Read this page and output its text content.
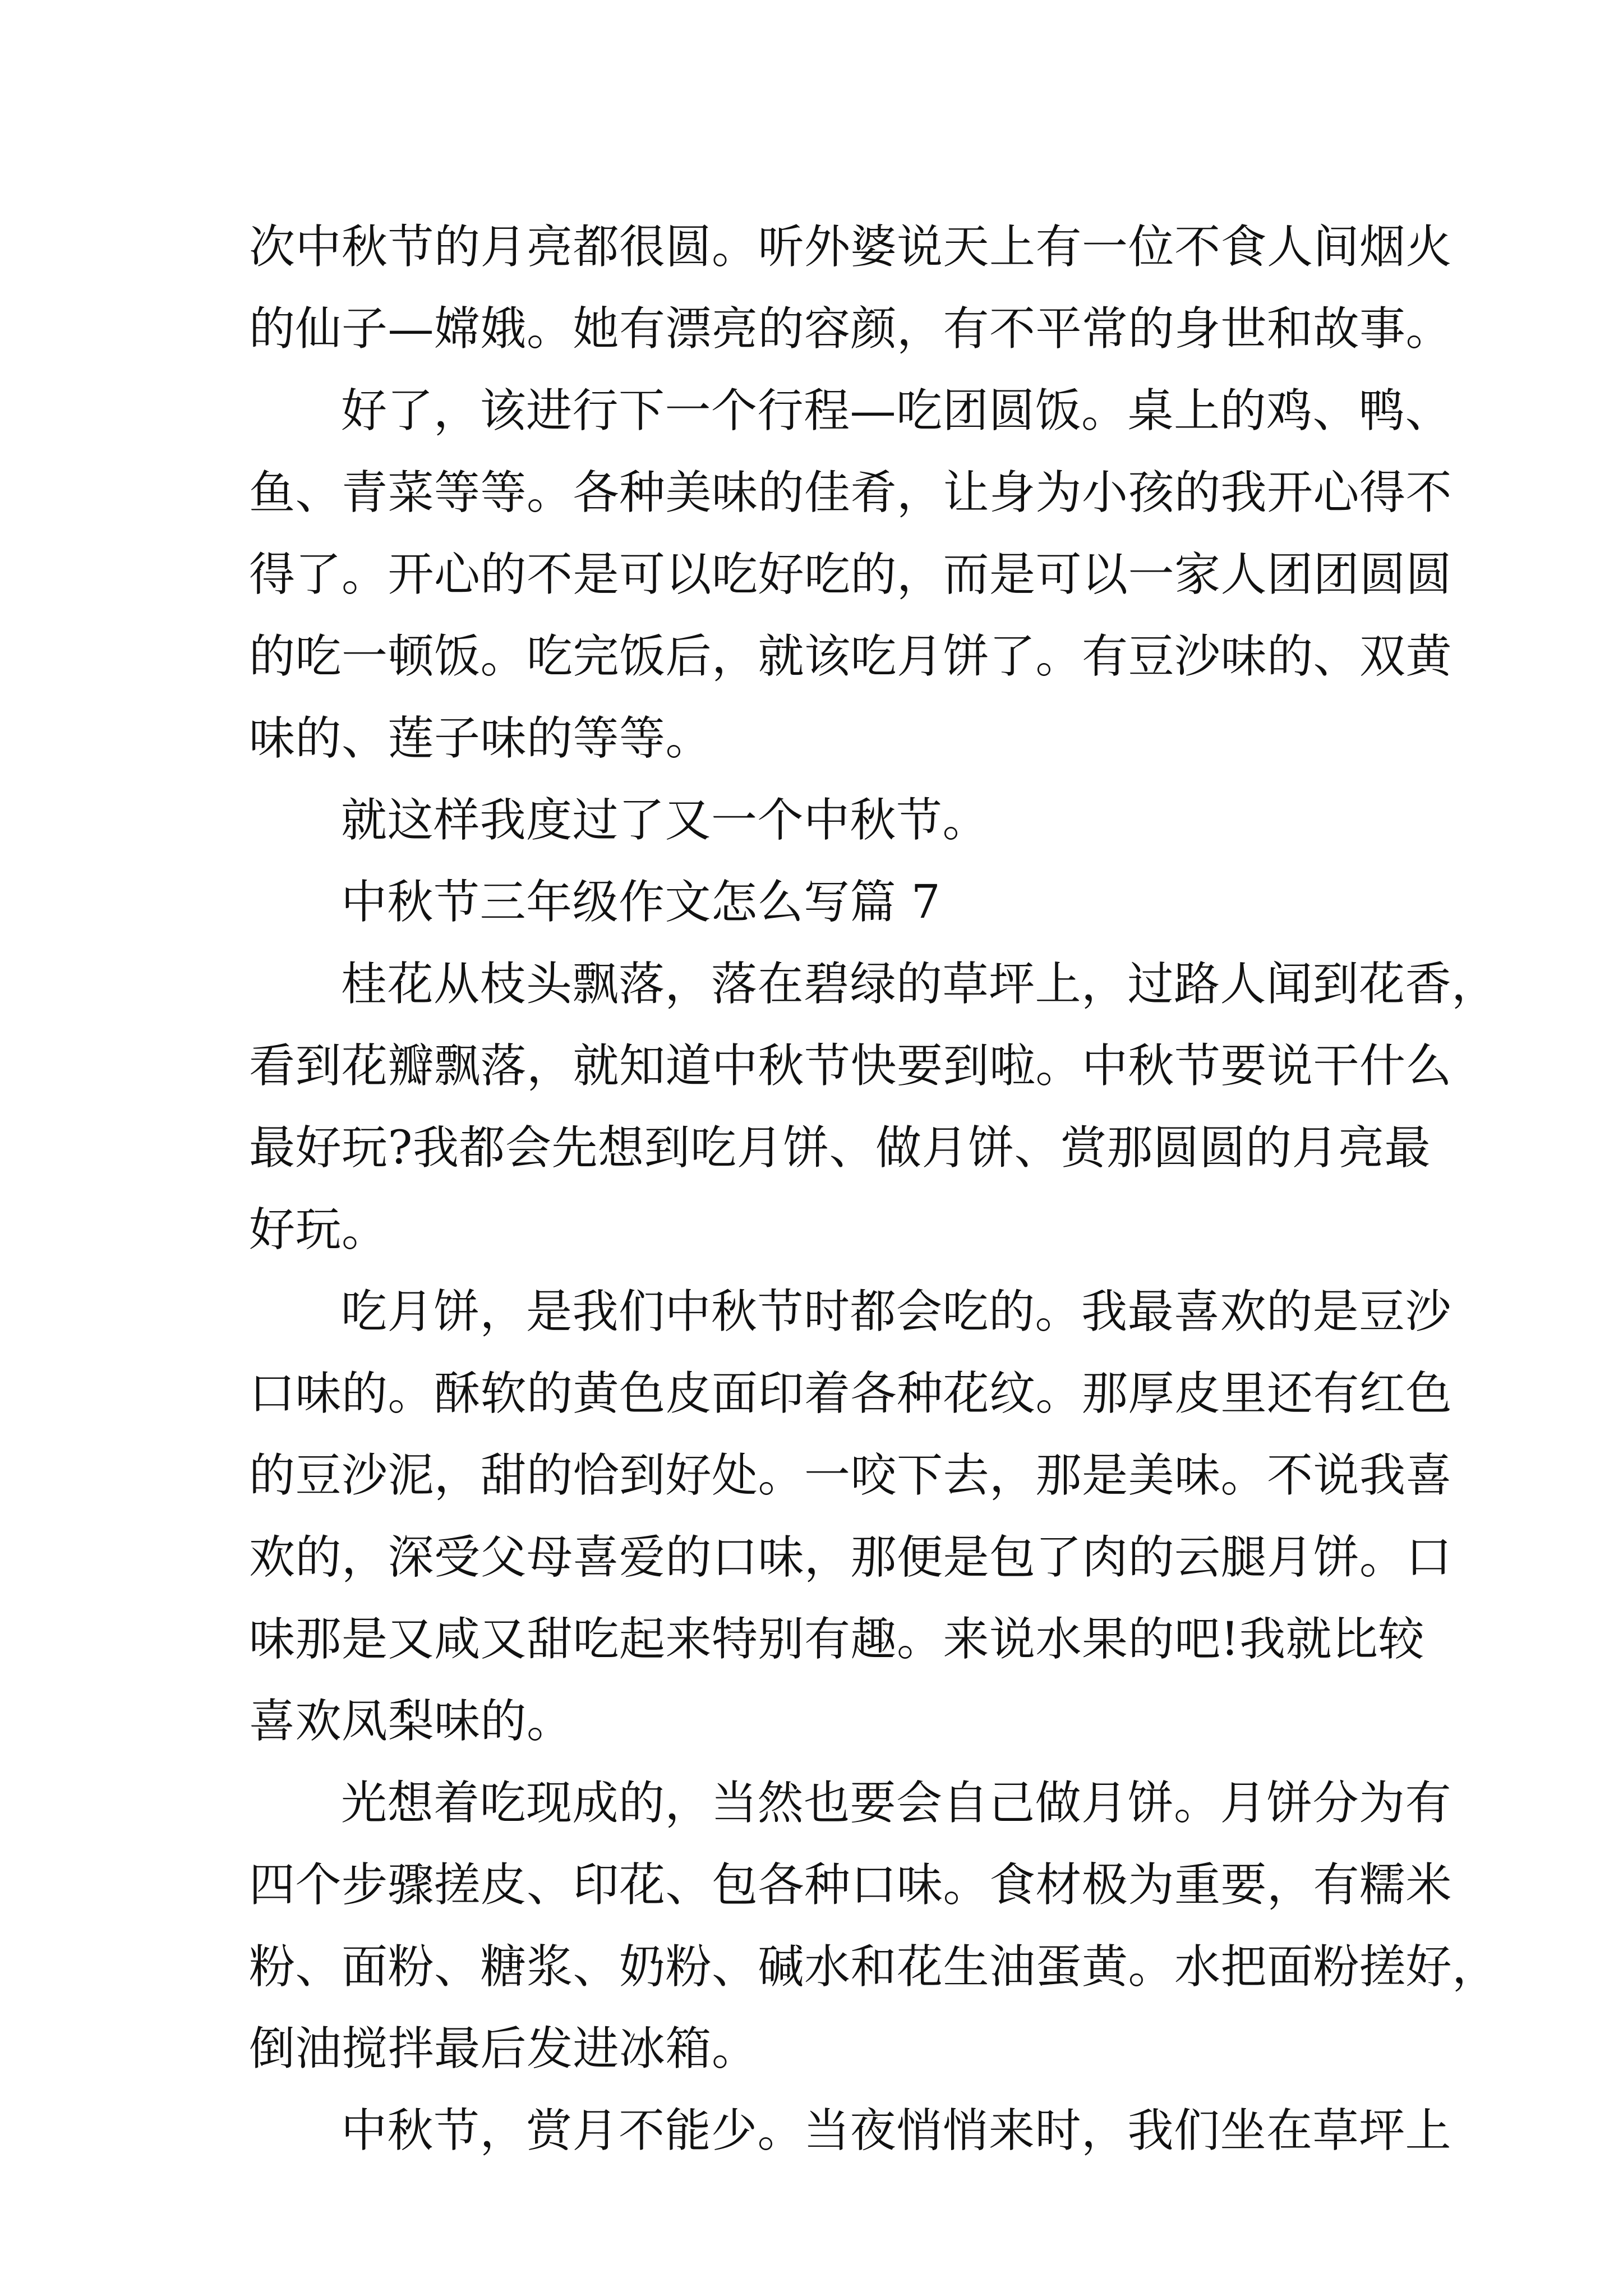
次中秋节的月亮都很圆。听外婆说天上有一位不食人间烟火
的仙子—嫦娥。她有漂亮的容颜，有不平常的身世和故事。
好了，该进行下一个行程—吃团圆饭。桌上的鸡、鸭、
鱼、青菜等等。各种美味的佳肴，让身为小孩的我开心得不
得了。开心的不是可以吃好吃的，而是可以一家人团团圆圆
的吃一顿饭。吃完饭后，就该吃月饼了。有豆沙味的、双黄
味的、莲子味的等等。
就这样我度过了又一个中秋节。
中秋节三年级作文怎么写篇 7
桂花从枝头飘落，落在碧绿的草坪上，过路人闻到花香，
看到花瓣飘落，就知道中秋节快要到啦。中秋节要说干什么
最好玩?我都会先想到吃月饼、做月饼、赏那圆圆的月亮最
好玩。
吃月饼，是我们中秋节时都会吃的。我最喜欢的是豆沙
口味的。酥软的黄色皮面印着各种花纹。那厚皮里还有红色
的豆沙泥，甜的恰到好处。一咬下去，那是美味。不说我喜
欢的，深受父母喜爱的口味，那便是包了肉的云腿月饼。口
味那是又咸又甜吃起来特别有趣。来说水果的吧!我就比较
喜欢凤梨味的。
光想着吃现成的，当然也要会自己做月饼。月饼分为有
四个步骤搓皮、印花、包各种口味。食材极为重要，有糯米
粉、面粉、糖浆、奶粉、碱水和花生油蛋黄。水把面粉搓好，
倒油搅拌最后发进冰箱。
中秋节，赏月不能少。当夜悄悄来时，我们坐在草坪上
